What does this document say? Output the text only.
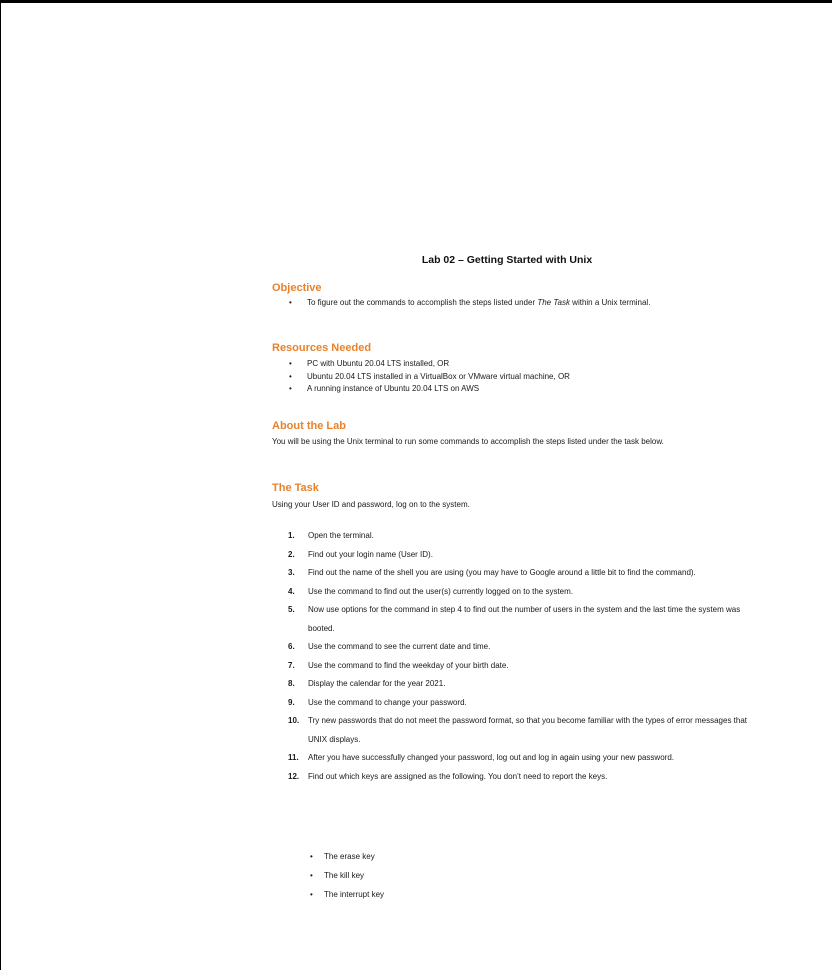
Lab 02 – Getting Started with Unix
Objective
• To figure out the commands to accomplish the steps listed under The Task within a Unix terminal.
Resources Needed
• PC with Ubuntu 20.04 LTS installed, OR
• Ubuntu 20.04 LTS installed in a VirtualBox or VMware virtual machine, OR
• A running instance of Ubuntu 20.04 LTS on AWS
About the Lab
You will be using the Unix terminal to run some commands to accomplish the steps listed under the task below.
The Task
Using your User ID and password, log on to the system.
1.	Open the terminal.
2.	Find out your login name (User ID).
3.	Find out the name of the shell you are using (you may have to Google around a little bit to find the command).
4.	Use the command to find out the user(s) currently logged on to the system.
5.	Now use options for the command in step 4 to find out the number of users in the system and the last time the system was booted.
6.	Use the command to see the current date and time.
7.	Use the command to find the weekday of your birth date.
8.	Display the calendar for the year 2021.
9.	Use the command to change your password.
10.	Try new passwords that do not meet the password format, so that you become familiar with the types of error messages that UNIX displays.
11.	After you have successfully changed your password, log out and log in again using your new password.
12.	Find out which keys are assigned as the following. You don’t need to report the keys.
• The erase key
• The kill key
• The interrupt key
